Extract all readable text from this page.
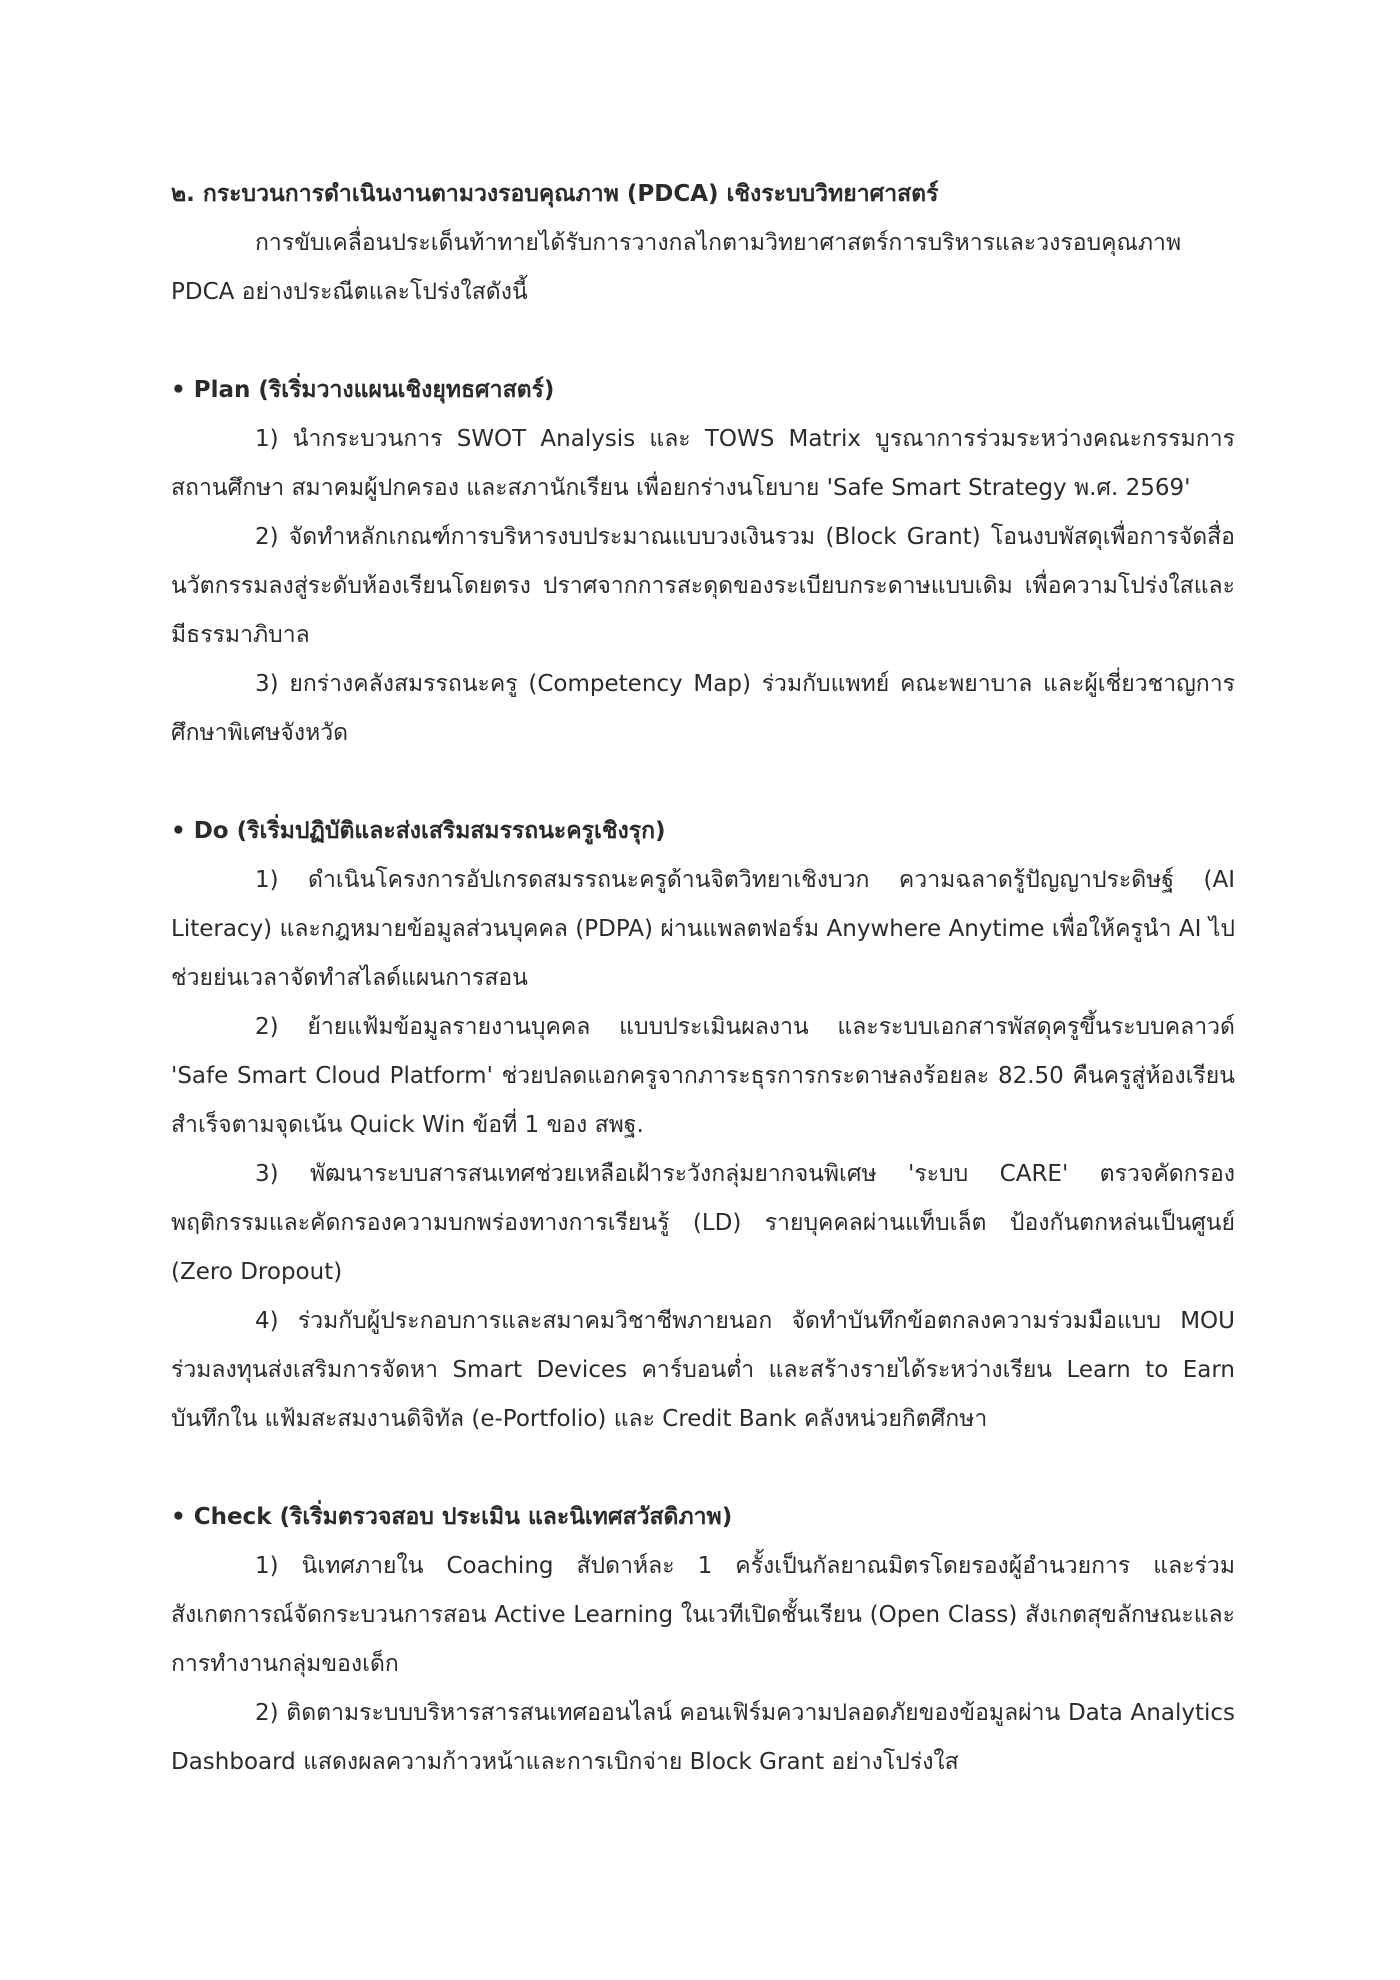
๒. กระบวนการดำเนินงานตามวงรอบคุณภาพ (PDCA) เชิงระบบวิทยาศาสตร์

การขับเคลื่อนประเด็นท้าทายได้รับการวางกลไกตามวิทยาศาสตร์การบริหารและวงรอบคุณภาพ PDCA อย่างประณีตและโปร่งใสดังนี้

• Plan (ริเริ่มวางแผนเชิงยุทธศาสตร์)

1) นำกระบวนการ SWOT Analysis และ TOWS Matrix บูรณาการร่วมระหว่างคณะกรรมการสถานศึกษา สมาคมผู้ปกครอง และสภานักเรียน เพื่อยกร่างนโยบาย 'Safe Smart Strategy พ.ศ. 2569'

2) จัดทำหลักเกณฑ์การบริหารงบประมาณแบบวงเงินรวม (Block Grant) โอนงบพัสดุเพื่อการจัดสื่อนวัตกรรมลงสู่ระดับห้องเรียนโดยตรง ปราศจากการสะดุดของระเบียบกระดาษแบบเดิม เพื่อความโปร่งใสและมีธรรมาภิบาล

3) ยกร่างคลังสมรรถนะครู (Competency Map) ร่วมกับแพทย์ คณะพยาบาล และผู้เชี่ยวชาญการศึกษาพิเศษจังหวัด

• Do (ริเริ่มปฏิบัติและส่งเสริมสมรรถนะครูเชิงรุก)

1) ดำเนินโครงการอัปเกรดสมรรถนะครูด้านจิตวิทยาเชิงบวก ความฉลาดรู้ปัญญาประดิษฐ์ (AI Literacy) และกฎหมายข้อมูลส่วนบุคคล (PDPA) ผ่านแพลตฟอร์ม Anywhere Anytime เพื่อให้ครูนำ AI ไปช่วยย่นเวลาจัดทำสไลด์แผนการสอน

2) ย้ายแฟ้มข้อมูลรายงานบุคคล แบบประเมินผลงาน และระบบเอกสารพัสดุครูขึ้นระบบคลาวด์ 'Safe Smart Cloud Platform' ช่วยปลดแอกครูจากภาระธุรการกระดาษลงร้อยละ 82.50 คืนครูสู่ห้องเรียนสำเร็จตามจุดเน้น Quick Win ข้อที่ 1 ของ สพฐ.

3) พัฒนาระบบสารสนเทศช่วยเหลือเฝ้าระวังกลุ่มยากจนพิเศษ 'ระบบ CARE' ตรวจคัดกรองพฤติกรรมและคัดกรองความบกพร่องทางการเรียนรู้ (LD) รายบุคคลผ่านแท็บเล็ต ป้องกันตกหล่นเป็นศูนย์ (Zero Dropout)

4) ร่วมกับผู้ประกอบการและสมาคมวิชาชีพภายนอก จัดทำบันทึกข้อตกลงความร่วมมือแบบ MOU ร่วมลงทุนส่งเสริมการจัดหา Smart Devices คาร์บอนต่ำ และสร้างรายได้ระหว่างเรียน Learn to Earn บันทึกใน แฟ้มสะสมงานดิจิทัล (e-Portfolio) และ Credit Bank คลังหน่วยกิตศึกษา

• Check (ริเริ่มตรวจสอบ ประเมิน และนิเทศสวัสดิภาพ)

1) นิเทศภายใน Coaching สัปดาห์ละ 1 ครั้งเป็นกัลยาณมิตรโดยรองผู้อำนวยการ และร่วมสังเกตการณ์จัดกระบวนการสอน Active Learning ในเวทีเปิดชั้นเรียน (Open Class) สังเกตสุขลักษณะและการทำงานกลุ่มของเด็ก

2) ติดตามระบบบริหารสารสนเทศออนไลน์ คอนเฟิร์มความปลอดภัยของข้อมูลผ่าน Data Analytics Dashboard แสดงผลความก้าวหน้าและการเบิกจ่าย Block Grant อย่างโปร่งใส
